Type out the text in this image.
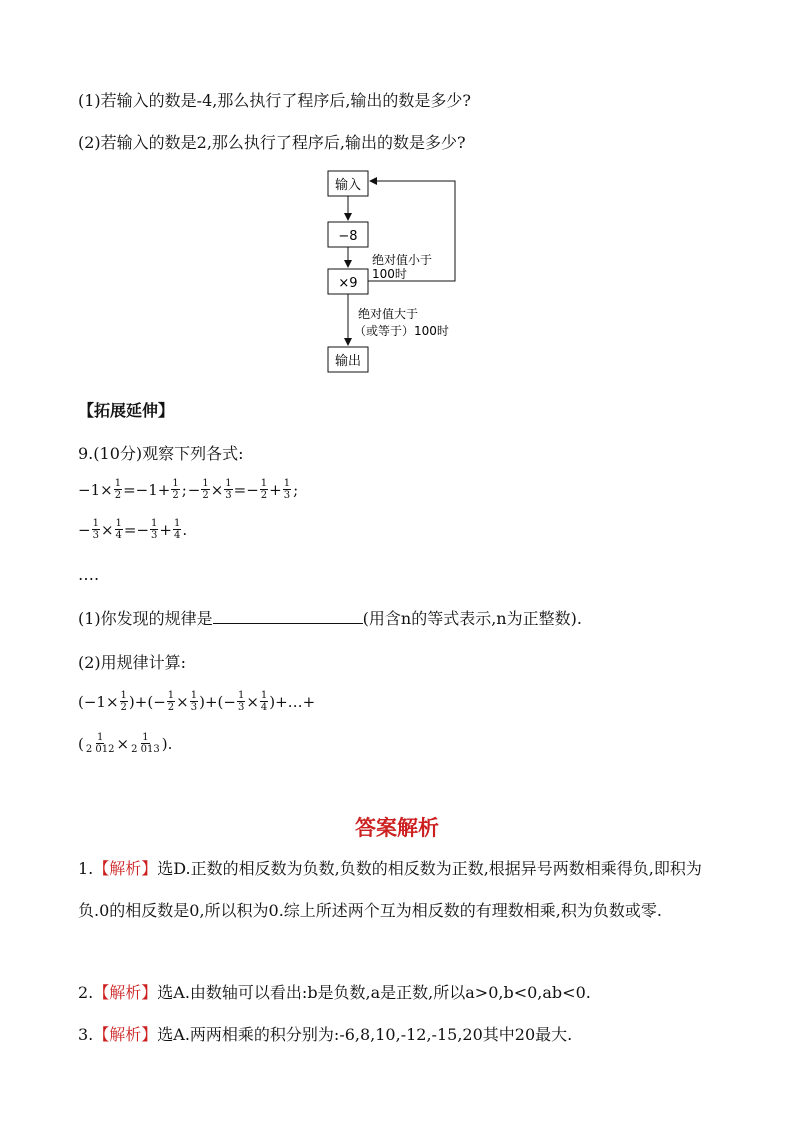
(1)若输入的数是-4,那么执行了程序后,输出的数是多少?
(2)若输入的数是2,那么执行了程序后,输出的数是多少?
输入
−8
×9
绝对值小于
100时
绝对值大于
（或等于）100时
输出
【拓展延伸】
9.(10分)观察下列各式:
$-1\times \frac{1}{2} =-1+ \frac{1}{2}$ ; − $\frac{1}{2} \times \frac{1}{3} =- \frac{1}{2} + \frac{1}{3}$ ;
− $\frac{1}{3} \times \frac{1}{4} =- \frac{1}{3} + \frac{1}{4}$ .
….
(1)你发现的规律是	(用含n的等式表示,n为正整数).
(2)用规律计算:
($-1\times \frac{1}{2}$ )+(− $\frac{1}{2} \times \frac{1}{3}$ )+(− $\frac{1}{3} \times \frac{1}{4}$ )+…+
( $\frac{1}{2 012} \times \frac{1}{2 013}$ ).
答案解析
1.【解析】选D.正数的相反数为负数,负数的相反数为正数,根据异号两数相乘得负,即积为负.0的相反数是0,所以积为0.综上所述两个互为相反数的有理数相乘,积为负数或零.
2.【解析】选A.由数轴可以看出:b是负数,a是正数,所以a>0,b<0,ab<0.
3.【解析】选A.两两相乘的积分别为:-6,8,10,-12,-15,20其中20最大.
